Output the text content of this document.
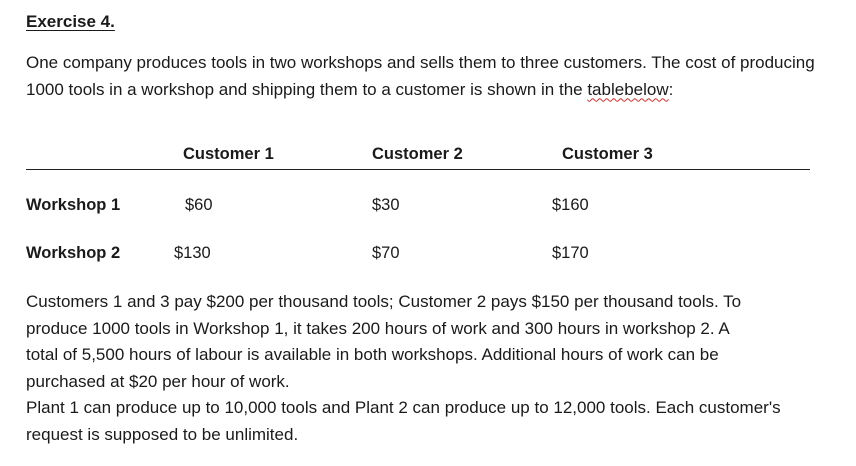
Exercise 4.
One company produces tools in two workshops and sells them to three customers. The cost of producing 1000 tools in a workshop and shipping them to a customer is shown in the tablebelow:
Customer 1	Customer 2	Customer 3
Workshop 1	$60	$30	$160
Workshop 2	$130	$70	$170
Customers 1 and 3 pay $200 per thousand tools; Customer 2 pays $150 per thousand tools. To
produce 1000 tools in Workshop 1, it takes 200 hours of work and 300 hours in workshop 2. A
total of 5,500 hours of labour is available in both workshops. Additional hours of work can be
purchased at $20 per hour of work.
Plant 1 can produce up to 10,000 tools and Plant 2 can produce up to 12,000 tools. Each customer's
request is supposed to be unlimited.
